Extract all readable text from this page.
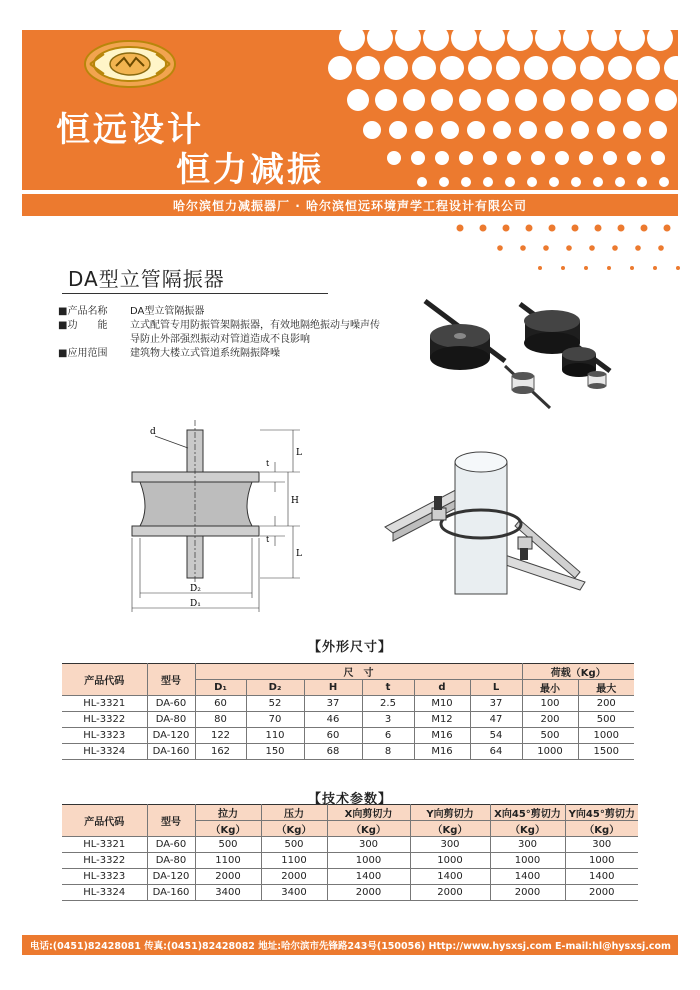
恒远设计
恒力减振
哈尔滨恒力减振器厂 · 哈尔滨恒远环境声学工程设计有限公司
DA型立管隔振器
■产品名称	DA型立管隔振器
■功　　能	立式配管专用防振管架隔振器，有效地隔绝振动与噪声传导防止外部强烈振动对管道造成不良影响
■应用范围	建筑物大楼立式管道系统隔振降噪
d
L
H
L
t
t
D₂
D₁
【外形尺寸】
产品代码	型号	尺　寸						荷载（Kg）	
		D₁	D₂	H	t	d	L	最小	最大
HL-3321	DA-60	60	52	37	2.5	M10	37	100	200
HL-3322	DA-80	80	70	46	3	M12	47	200	500
HL-3323	DA-120	122	110	60	6	M16	54	500	1000
HL-3324	DA-160	162	150	68	8	M16	64	1000	1500
【技术参数】
产品代码	型号	拉力	压力	X向剪切力	Y向剪切力	X向45°剪切力	Y向45°剪切力
		（Kg）	（Kg）	（Kg）	（Kg）	（Kg）	（Kg）
HL-3321	DA-60	500	500	300	300	300	300
HL-3322	DA-80	1100	1100	1000	1000	1000	1000
HL-3323	DA-120	2000	2000	1400	1400	1400	1400
HL-3324	DA-160	3400	3400	2000	2000	2000	2000
电话:(0451)82428081 传真:(0451)82428082 地址:哈尔滨市先锋路243号(150056) Http://www.hysxsj.com E-mail:hl@hysxsj.com
